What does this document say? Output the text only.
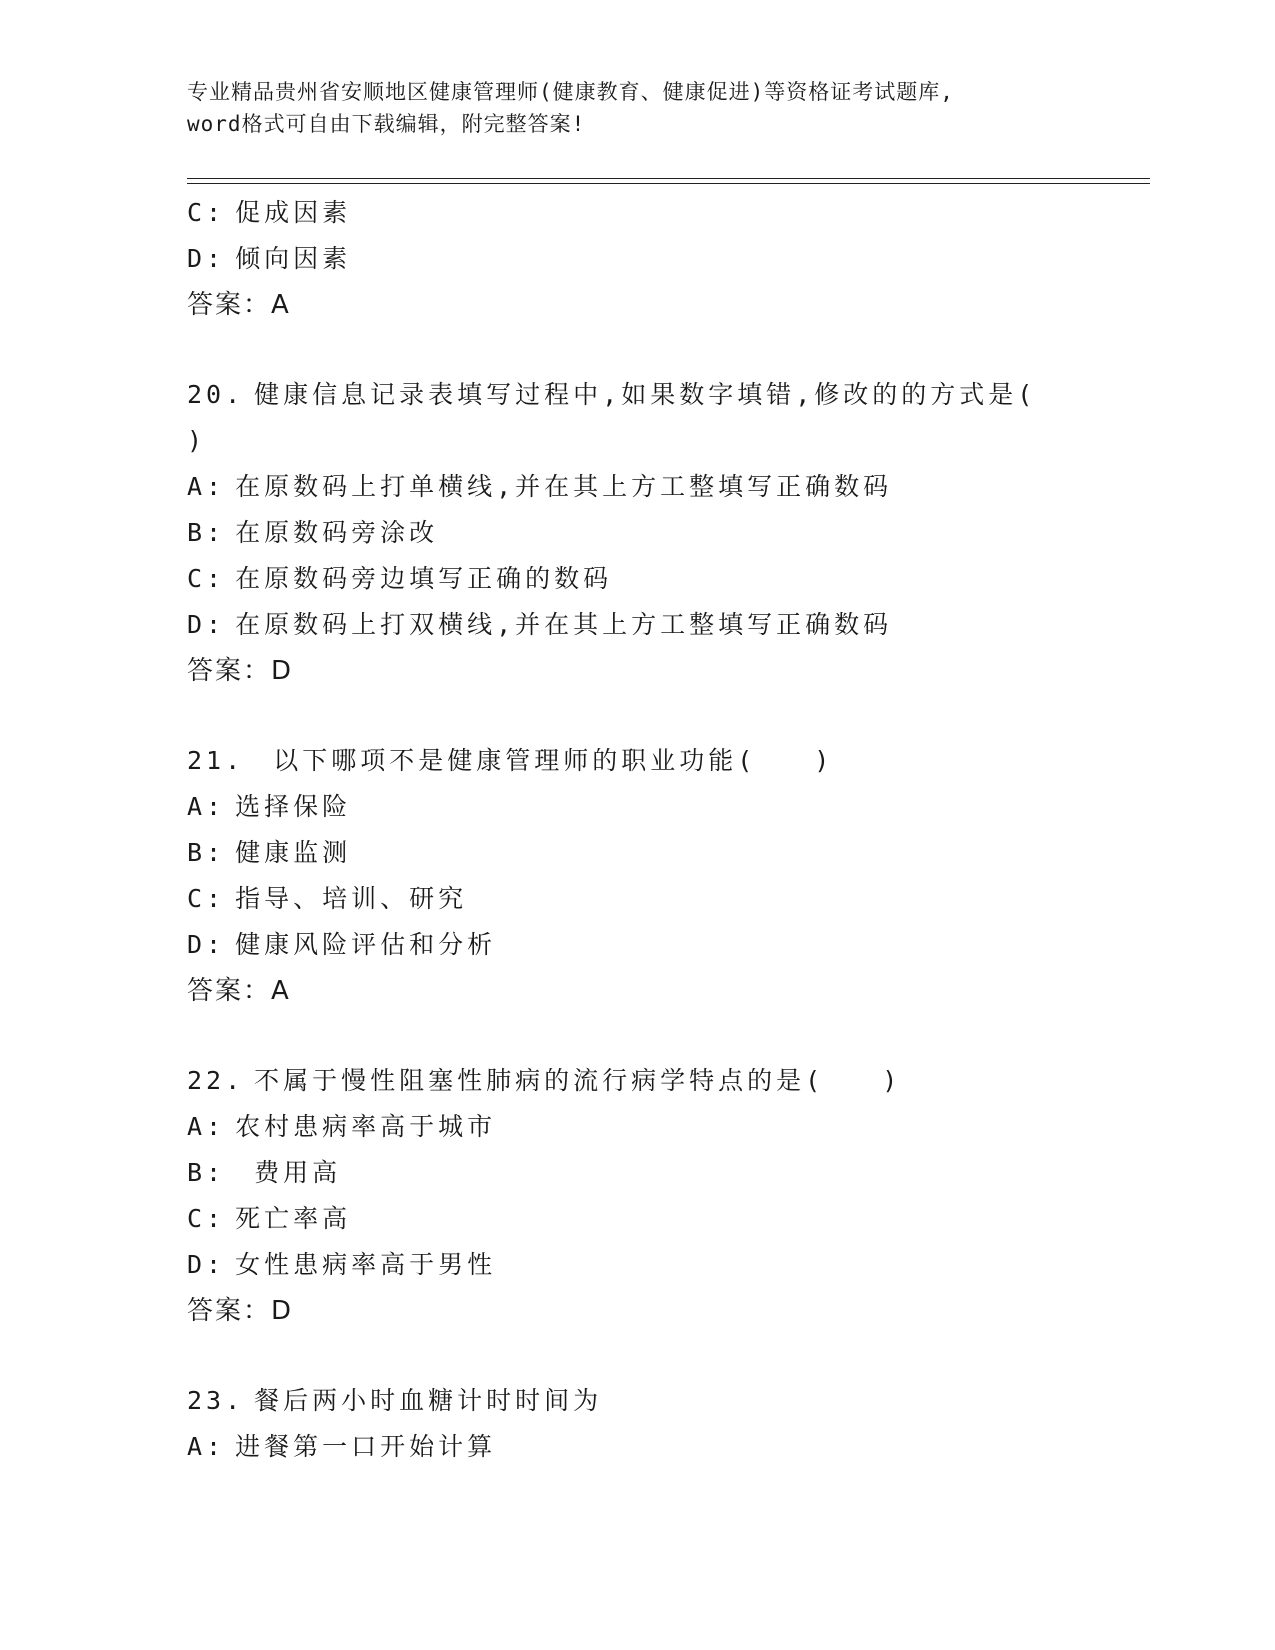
专业精品贵州省安顺地区健康管理师(健康教育、健康促进)等资格证考试题库,
word格式可自由下载编辑，附完整答案!
C: 促成因素
D: 倾向因素
答案：A
20. 健康信息记录表填写过程中,如果数字填错,修改的的方式是(
)
A: 在原数码上打单横线,并在其上方工整填写正确数码
B: 在原数码旁涂改
C: 在原数码旁边填写正确的数码
D: 在原数码上打双横线,并在其上方工整填写正确数码
答案：D
21. 以下哪项不是健康管理师的职业功能(　　)
A: 选择保险
B: 健康监测
C: 指导、培训、研究
D: 健康风险评估和分析
答案：A
22. 不属于慢性阻塞性肺病的流行病学特点的是(　　)
A: 农村患病率高于城市
B: 费用高
C: 死亡率高
D: 女性患病率高于男性
答案：D
23. 餐后两小时血糖计时时间为
A: 进餐第一口开始计算
